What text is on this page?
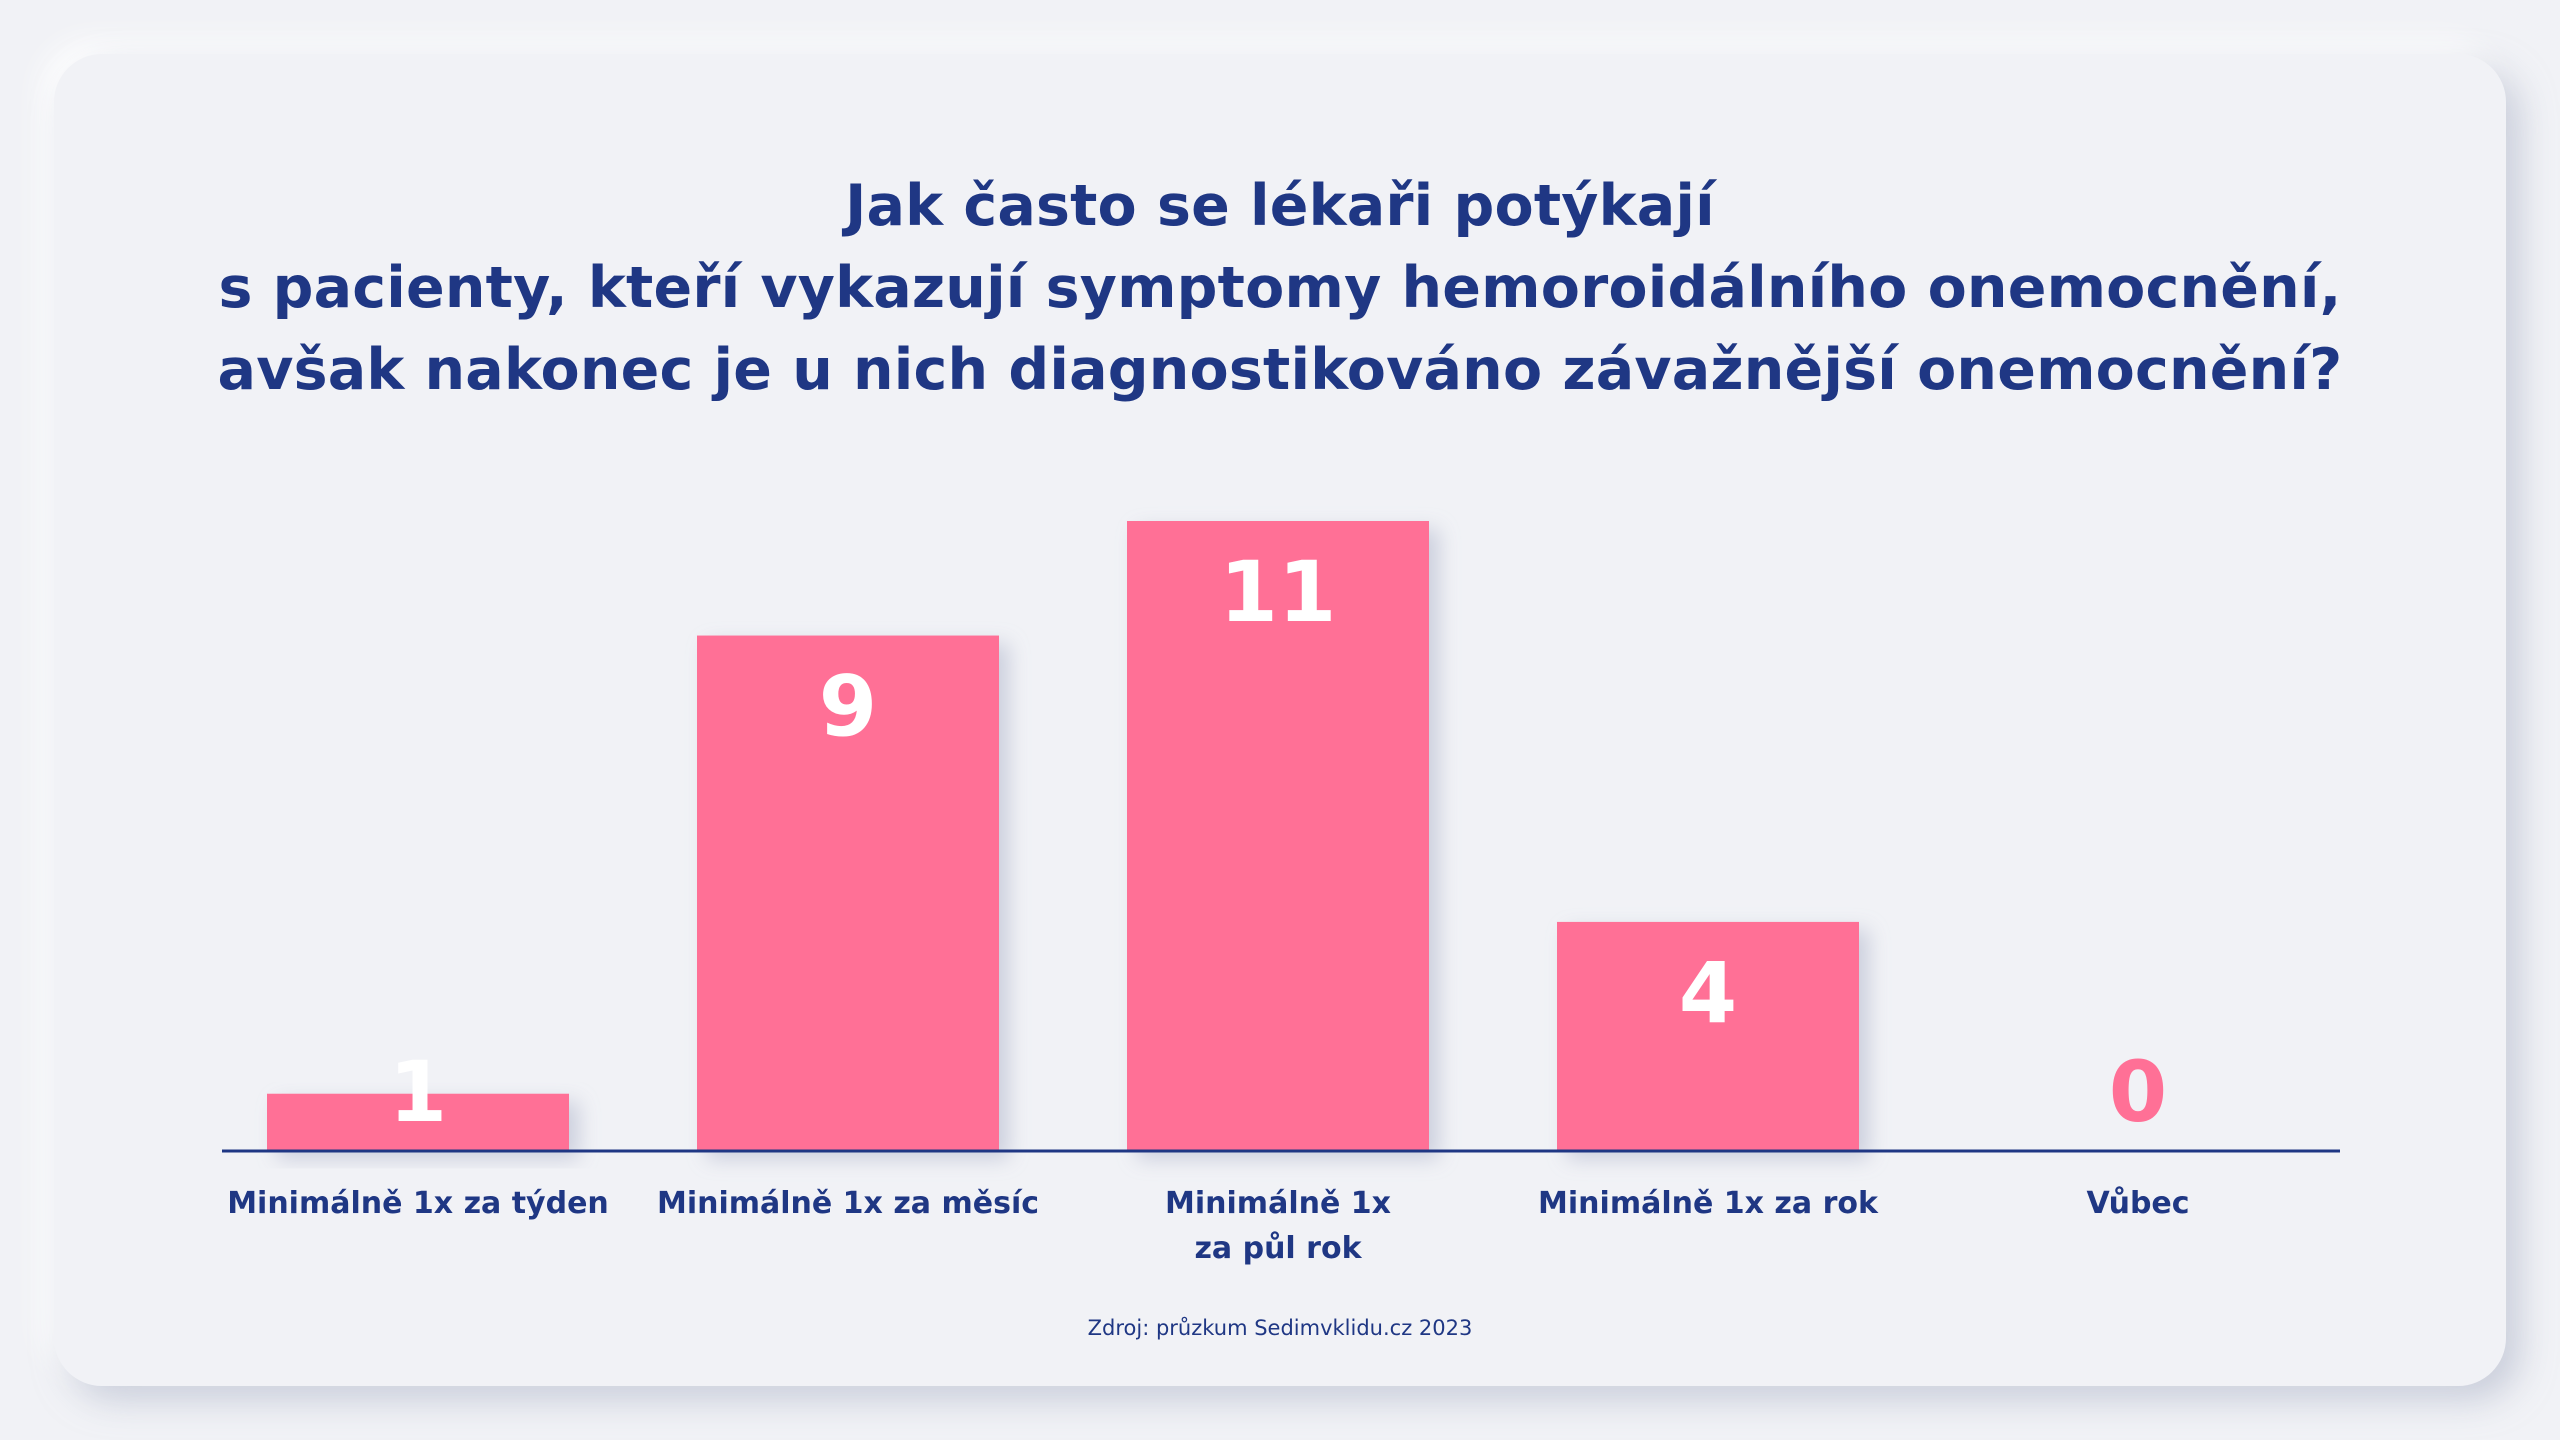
Jak často se lékaři potýkají
s pacienty, kteří vykazují symptomy hemoroidálního onemocnění,
avšak nakonec je u nich diagnostikováno závažnější onemocnění?
1
Minimálně 1x za týden
9
Minimálně 1x za měsíc
11
Minimálně 1x
za půl rok
4
Minimálně 1x za rok
0
Vůbec
Zdroj: průzkum Sedimvklidu.cz 2023
